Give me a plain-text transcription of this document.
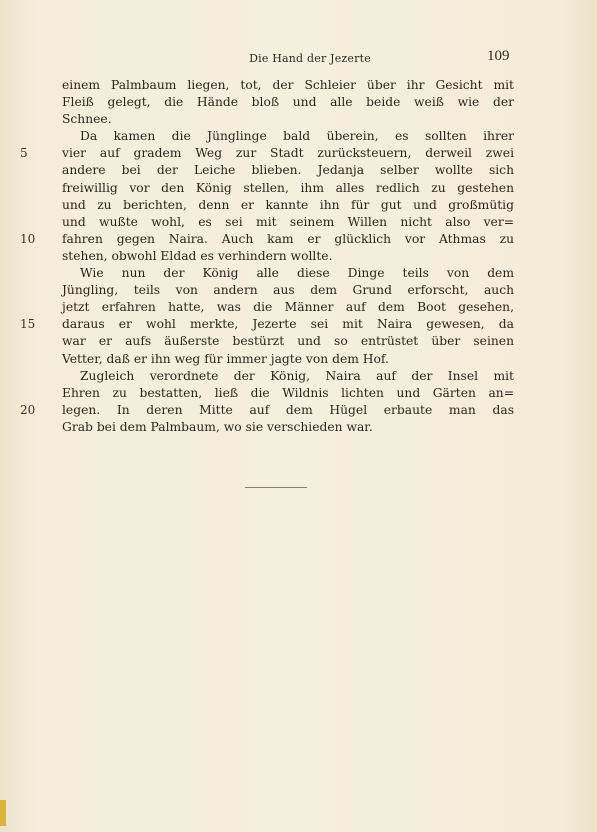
Die Hand der Jezerte	109
einem Palmbaum liegen, tot, der Schleier über ihr Gesicht mit
Fleiß gelegt, die Hände bloß und alle beide weiß wie der
Schnee.
Da kamen die Jünglinge bald überein, es sollten ihrer
5	vier auf gradem Weg zur Stadt zurücksteuern, derweil zwei
andere bei der Leiche blieben. Jedanja selber wollte sich
freiwillig vor den König stellen, ihm alles redlich zu gestehen
und zu berichten, denn er kannte ihn für gut und großmütig
und wußte wohl, es sei mit seinem Willen nicht also ver=
10	fahren gegen Naira. Auch kam er glücklich vor Athmas zu
stehen, obwohl Eldad es verhindern wollte.
Wie nun der König alle diese Dinge teils von dem
Jüngling, teils von andern aus dem Grund erforscht, auch
jetzt erfahren hatte, was die Männer auf dem Boot gesehen,
15	daraus er wohl merkte, Jezerte sei mit Naira gewesen, da
war er aufs äußerste bestürzt und so entrüstet über seinen
Vetter, daß er ihn weg für immer jagte von dem Hof.
Zugleich verordnete der König, Naira auf der Insel mit
Ehren zu bestatten, ließ die Wildnis lichten und Gärten an=
20	legen. In deren Mitte auf dem Hügel erbaute man das
Grab bei dem Palmbaum, wo sie verschieden war.
